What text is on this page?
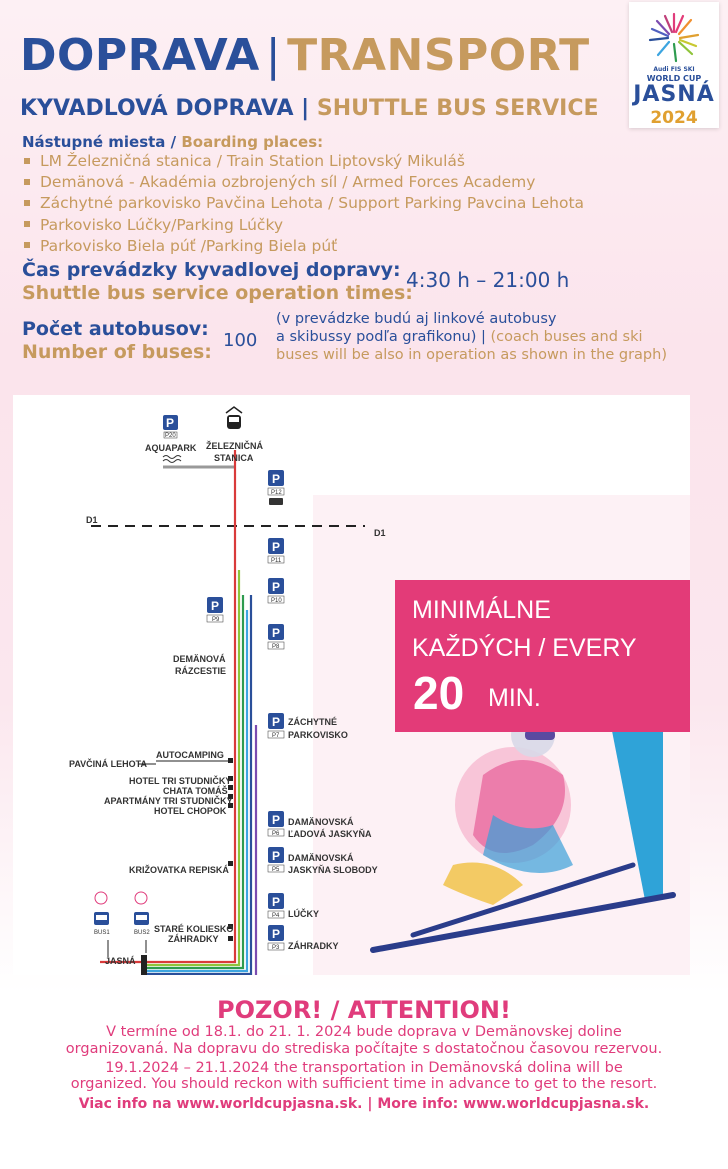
DOPRAVA | TRANSPORT
KYVADLOVÁ DOPRAVA | SHUTTLE BUS SERVICE
Audi FIS SKI
WORLD CUP
JASNÁ
2024
Nástupné miesta / Boarding places:
LM Železničná stanica / Train Station Liptovský Mikuláš
Demänová - Akadémia ozbrojených síl / Armed Forces Academy
Záchytné parkovisko Pavčina Lehota / Support Parking Pavcina Lehota
Parkovisko Lúčky/Parking Lúčky
Parkovisko Biela púť /Parking Biela púť
Čas prevádzky kyvadlovej dopravy:
Shuttle bus service operation times:
4:30 h – 21:00 h
Počet autobusov:
Number of buses:
100
(v prevádzke budú aj linkové autobusy
a skibussy podľa grafikonu) | (coach buses and ski
buses will be also in operation as shown in the graph)
D1
D1
P
P20
AQUAPARK ŽELEZNIČNÁ
STANICA
P
P12
P
P11
P
P10
P
P9
P
P8
DEMÄNOVÁ
RÁZCESTIE
P
P7
ZÁCHYTNÉ
PARKOVISKO
AUTOCAMPING
PAVČINÁ LEHOTA
HOTEL TRI STUDNIČKY
CHATA TOMÁŠ
APARTMÁNY TRI STUDNIČKY
HOTEL CHOPOK
P
P6
DAMÄNOVSKÁ
ĽADOVÁ JASKYŇA
P
P5
DAMÄNOVSKÁ
JASKYŇA SLOBODY
KRIŽOVATKA REPISKÁ
P
P4 LÚČKY
P
P3 ZÁHRADKY
BUS1	BUS2 STARÉ KOLIESKO
ZÁHRADKY
JASNÁ
MINIMÁLNE
KAŽDÝCH / EVERY
20 MIN.
POZOR! / ATTENTION!
V termíne od 18.1. do 21. 1. 2024 bude doprava v Demänovskej doline
organizovaná. Na dopravu do strediska počítajte s dostatočnou časovou rezervou.
19.1.2024 – 21.1.2024 the transportation in Demänovská dolina will be
organized. You should reckon with sufficient time in advance to get to the resort.
Viac info na www.worldcupjasna.sk. | More info: www.worldcupjasna.sk.
